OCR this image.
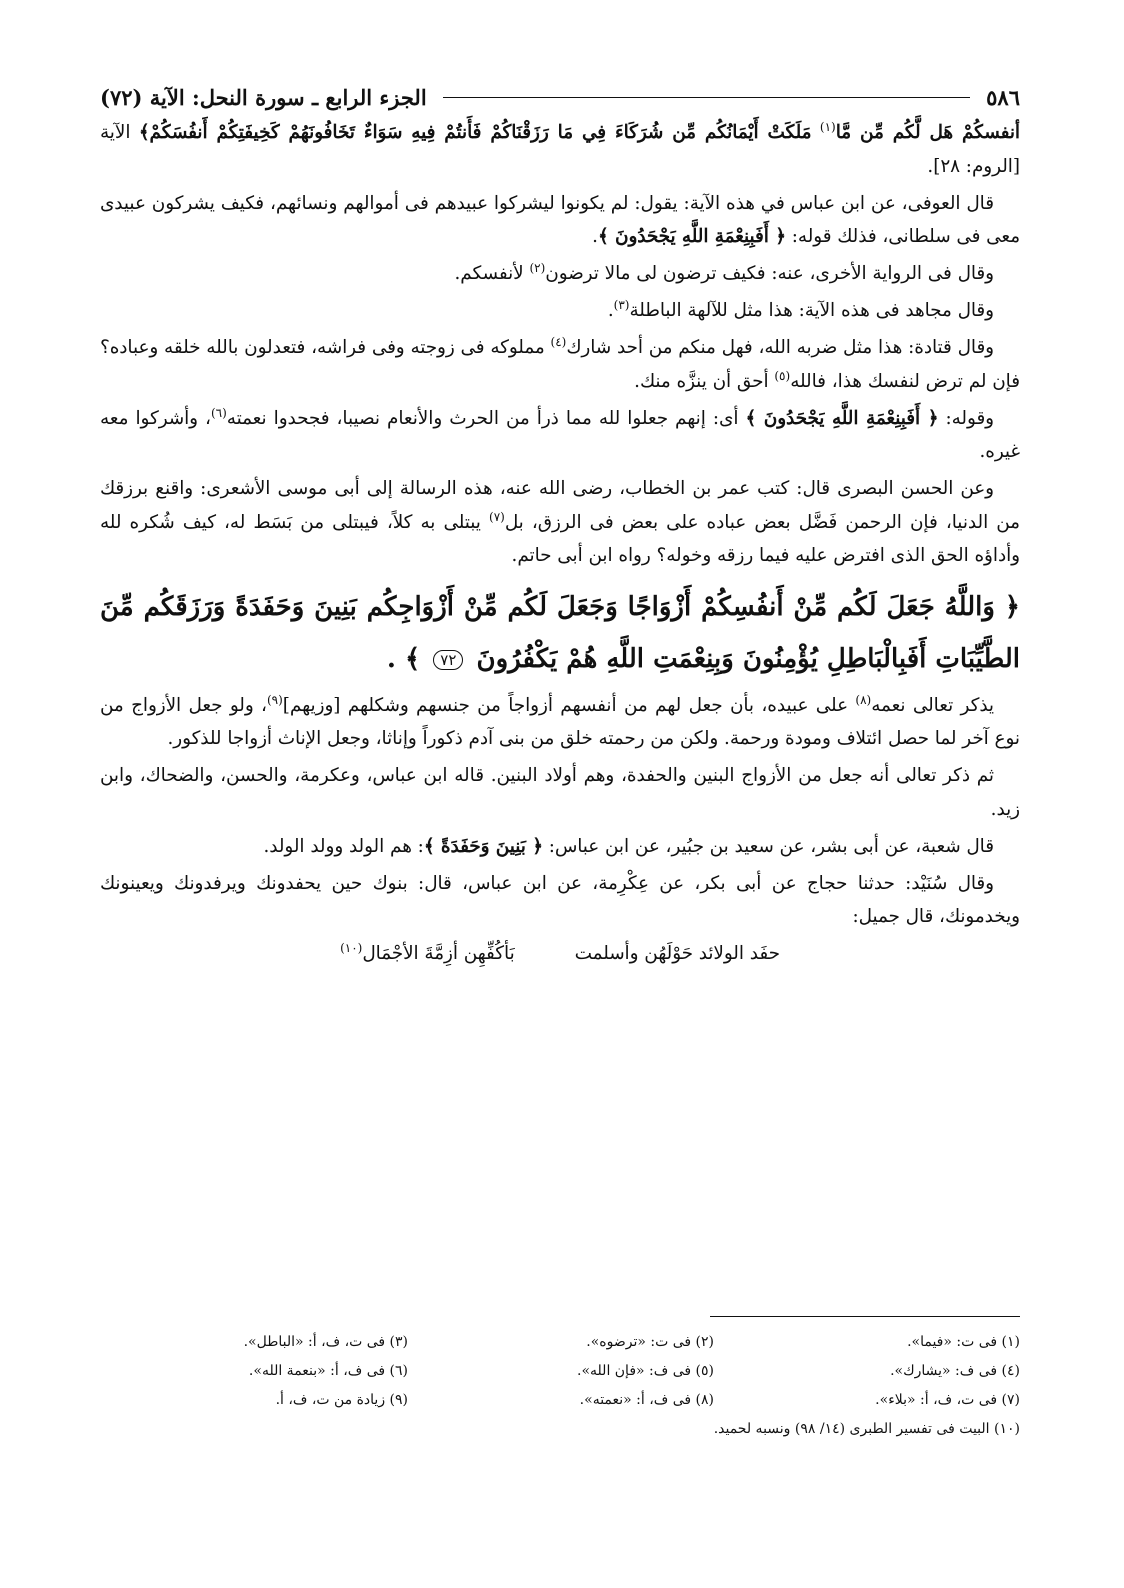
٥٨٦
الجزء الرابع ـ سورة النحل: الآية (٧٢)

أنفسكُمْ هَل لَّكُم مِّن مَّا$^{(١)}$ مَلَكَتْ أَيْمَانُكُم مِّن شُرَكَاءَ فِي مَا رَزَقْنَاكُمْ فَأَنتُمْ فِيهِ سَوَاءٌ تَخَافُونَهُمْ كَخِيفَتِكُمْ أَنفُسَكُمْ﴾ الآية [الروم: ٢٨].

قال العوفى، عن ابن عباس في هذه الآية: يقول: لم يكونوا ليشركوا عبيدهم فى أموالهم ونسائهم، فكيف يشركون عبيدى معى فى سلطانى، فذلك قوله: ﴿ أَفَبِنِعْمَةِ اللَّهِ يَجْحَدُونَ ﴾.

وقال فى الرواية الأخرى، عنه: فكيف ترضون لى مالا ترضون$^{(٢)}$ لأنفسكم.

وقال مجاهد فى هذه الآية: هذا مثل للآلهة الباطلة$^{(٣)}$.

وقال قتادة: هذا مثل ضربه الله، فهل منكم من أحد شارك$^{(٤)}$ مملوكه فى زوجته وفى فراشه، فتعدلون بالله خلقه وعباده؟ فإن لم ترض لنفسك هذا، فالله$^{(٥)}$ أحق أن ينزَّه منك.

وقوله: ﴿ أَفَبِنِعْمَةِ اللَّهِ يَجْحَدُونَ ﴾ أى: إنهم جعلوا لله مما ذرأ من الحرث والأنعام نصيبا، فجحدوا نعمته$^{(٦)}$، وأشركوا معه غيره.

وعن الحسن البصرى قال: كتب عمر بن الخطاب، رضى الله عنه، هذه الرسالة إلى أبى موسى الأشعرى: واقنع برزقك من الدنيا، فإن الرحمن فَضَّل بعض عباده على بعض فى الرزق، بل$^{(٧)}$ يبتلى به كلاً، فيبتلى من بَسَط له، كيف شُكره لله وأداؤه الحق الذى افترض عليه فيما رزقه وخوله؟ رواه ابن أبى حاتم.

﴿ وَاللَّهُ جَعَلَ لَكُم مِّنْ أَنفُسِكُمْ أَزْوَاجًا وَجَعَلَ لَكُم مِّنْ أَزْوَاجِكُم بَنِينَ وَحَفَدَةً وَرَزَقَكُم مِّنَ الطَّيِّبَاتِ أَفَبِالْبَاطِلِ يُؤْمِنُونَ وَبِنِعْمَتِ اللَّهِ هُمْ يَكْفُرُونَ ٧٢ ﴾ .

يذكر تعالى نعمه$^{(٨)}$ على عبيده، بأن جعل لهم من أنفسهم أزواجاً من جنسهم وشكلهم [وزيهم]$^{(٩)}$، ولو جعل الأزواج من نوع آخر لما حصل ائتلاف ومودة ورحمة. ولكن من رحمته خلق من بنى آدم ذكوراً وإناثا، وجعل الإناث أزواجا للذكور.

ثم ذكر تعالى أنه جعل من الأزواج البنين والحفدة، وهم أولاد البنين. قاله ابن عباس، وعكرمة، والحسن، والضحاك، وابن زيد.

قال شعبة، عن أبى بشر، عن سعيد بن جبُير، عن ابن عباس: ﴿ بَنِينَ وَحَفَدَةً ﴾: هم الولد وولد الولد.

وقال سُنَيْد: حدثنا حجاج عن أبى بكر، عن عِكْرِمة، عن ابن عباس، قال: بنوك حين يحفدونك ويرفدونك ويعينونك ويخدمونك، قال جميل:

حفَد الولائد حَوْلَهُن وأسلمت
بَأكُفِّهِن أزِمَّةَ الأجْمَال$^{(١٠)}$
(١) فى ت: «فيما».
(٢) فى ت: «ترضوه».
(٣) فى ت، ف، أ: «الباطل».
(٤) فى ف: «يشارك».
(٥) فى ف: «فإن الله».
(٦) فى ف، أ: «بنعمة الله».
(٧) فى ت، ف، أ: «بلاء».
(٨) فى ف، أ: «نعمته».
(٩) زيادة من ت، ف، أ.
(١٠) البيت فى تفسير الطبرى (١٤/ ٩٨) ونسبه لحميد.
